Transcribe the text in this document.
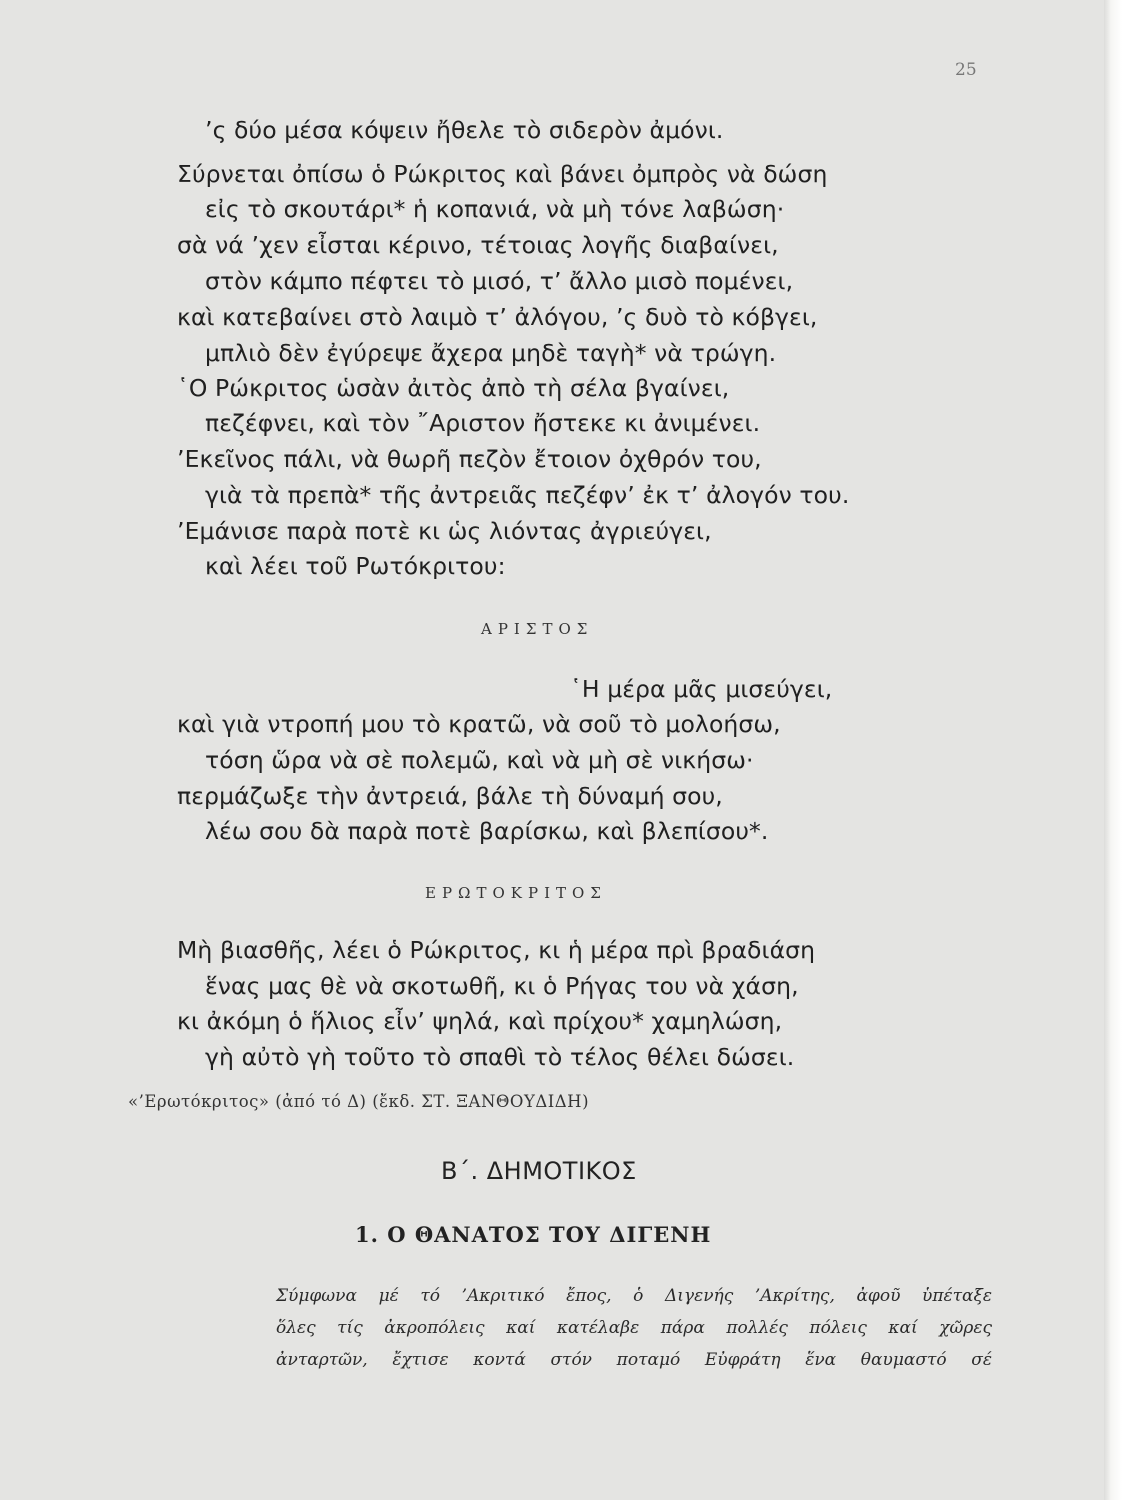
25
’ς δύο μέσα κόψειν ἤθελε τὸ σιδερὸν ἀμόνι.
Σύρνεται ὀπίσω ὁ Ρώκριτος καὶ βάνει ὀμπρὸς νὰ δώση
εἰς τὸ σκουτάρι* ἡ κοπανιά, νὰ μὴ τόνε λαβώση·
σὰ νά ’χεν εἶσται κέρινο, τέτοιας λογῆς διαβαίνει,
στὸν κάμπο πέφτει τὸ μισό, τ’ ἄλλο μισὸ πομένει,
καὶ κατεβαίνει στὸ λαιμὸ τ’ ἀλόγου, ’ς δυὸ τὸ κόβγει,
μπλιὸ δὲν ἐγύρεψε ἄχερα μηδὲ ταγὴ* νὰ τρώγη.
῾Ο Ρώκριτος ὡσὰν ἀιτὸς ἀπὸ τὴ σέλα βγαίνει,
πεζέφνει, καὶ τὸν ῎Αριστον ἤστεκε κι ἀνιμένει.
’Εκεῖνος πάλι, νὰ θωρῆ πεζὸν ἔτοιον ὀχθρόν του,
γιὰ τὰ πρεπὰ* τῆς ἀντρειᾶς πεζέφν’ ἐκ τ’ ἀλογόν του.
’Εμάνισε παρὰ ποτὲ κι ὡς λιόντας ἀγριεύγει,
καὶ λέει τοῦ Ρωτόκριτου:
ΑΡΙΣΤΟΣ
῾Η μέρα μᾶς μισεύγει,
καὶ γιὰ ντροπή μου τὸ κρατῶ, νὰ σοῦ τὸ μολοήσω,
τόση ὥρα νὰ σὲ πολεμῶ, καὶ νὰ μὴ σὲ νικήσω·
περμάζωξε τὴν ἀντρειά, βάλε τὴ δύναμή σου,
λέω σου δὰ παρὰ ποτὲ βαρίσκω, καὶ βλεπίσου*.
ΕΡΩΤΟΚΡΙΤΟΣ
Μὴ βιασθῆς, λέει ὁ Ρώκριτος, κι ἡ μέρα πρὶ βραδιάση
ἕνας μας θὲ νὰ σκοτωθῆ, κι ὁ Ρήγας του νὰ χάση,
κι ἀκόμη ὁ ἥλιος εἶν’ ψηλά, καὶ πρίχου* χαμηλώση,
γὴ αὐτὸ γὴ τοῦτο τὸ σπαθὶ τὸ τέλος θέλει δώσει.
«’Ερωτόκριτος» (ἀπό τό Δ) (ἔκδ. ΣΤ. ΞΑΝΘΟΥΔΙΔΗ)
Β΄. ΔΗΜΟΤΙΚΟΣ
1. Ο ΘΑΝΑΤΟΣ ΤΟΥ ΔΙΓΕΝΗ
Σύμφωνα μέ τό ’Ακριτικό ἔπος, ὁ Διγενής ’Ακρίτης, ἀφοῦ ὑπέταξε
ὅλες τίς ἀκροπόλεις καί κατέλαβε πάρα πολλές πόλεις καί χῶρες
ἀνταρτῶν, ἔχτισε κοντά στόν ποταμό Εὐφράτη ἕνα θαυμαστό σέ
